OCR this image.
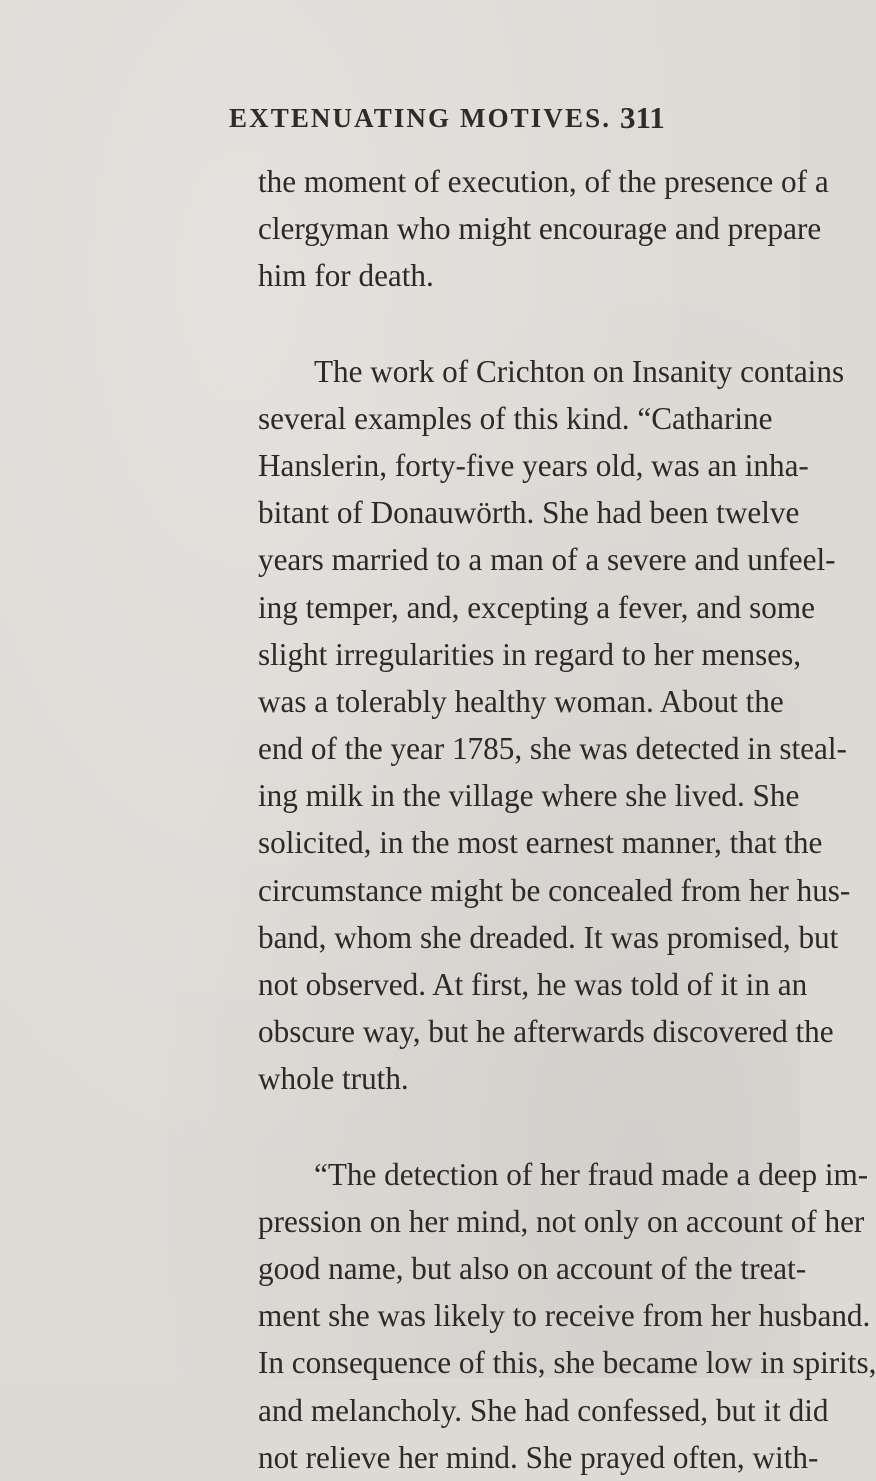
EXTENUATING MOTIVES. 311
the moment of execution, of the presence of a
clergyman who might encourage and prepare
him for death.
The work of Crichton on Insanity contains
several examples of this kind. “Catharine
Hanslerin, forty-five years old, was an inha-
bitant of Donauwörth. She had been twelve
years married to a man of a severe and unfeel-
ing temper, and, excepting a fever, and some
slight irregularities in regard to her menses,
was a tolerably healthy woman. About the
end of the year 1785, she was detected in steal-
ing milk in the village where she lived. She
solicited, in the most earnest manner, that the
circumstance might be concealed from her hus-
band, whom she dreaded. It was promised, but
not observed. At first, he was told of it in an
obscure way, but he afterwards discovered the
whole truth.
“The detection of her fraud made a deep im-
pression on her mind, not only on account of her
good name, but also on account of the treat-
ment she was likely to receive from her husband.
In consequence of this, she became low in spirits,
and melancholy. She had confessed, but it did
not relieve her mind. She prayed often, with-
